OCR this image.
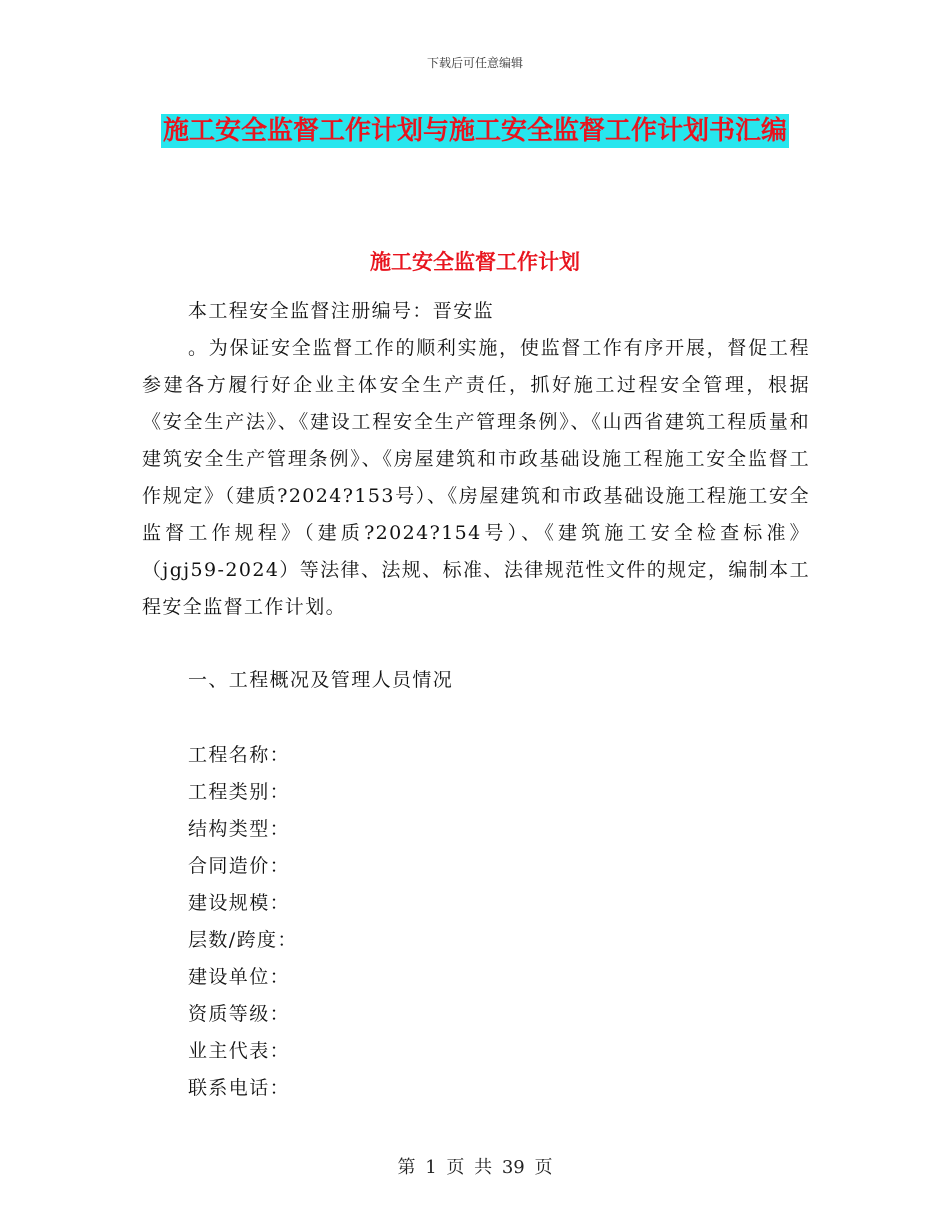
下载后可任意编辑
施工安全监督工作计划与施工安全监督工作计划书汇编
施工安全监督工作计划
本工程安全监督注册编号：晋安监
。为保证安全监督工作的顺利实施，使监督工作有序开展，督促工程参建各方履行好企业主体安全生产责任，抓好施工过程安全管理，根据《安全生产法》、《建设工程安全生产管理条例》、《山西省建筑工程质量和建筑安全生产管理条例》、《房屋建筑和市政基础设施工程施工安全监督工作规定》（建质?2024?153号）、《房屋建筑和市政基础设施工程施工安全监督工作规程》（建质?2024?154号）、《建筑施工安全检查标准》（jgj59-2024）等法律、法规、标准、法律规范性文件的规定，编制本工程安全监督工作计划。
一、工程概况及管理人员情况
工程名称：
工程类别：
结构类型：
合同造价：
建设规模：
层数/跨度：
建设单位：
资质等级：
业主代表：
联系电话：
第 1 页 共 39 页
